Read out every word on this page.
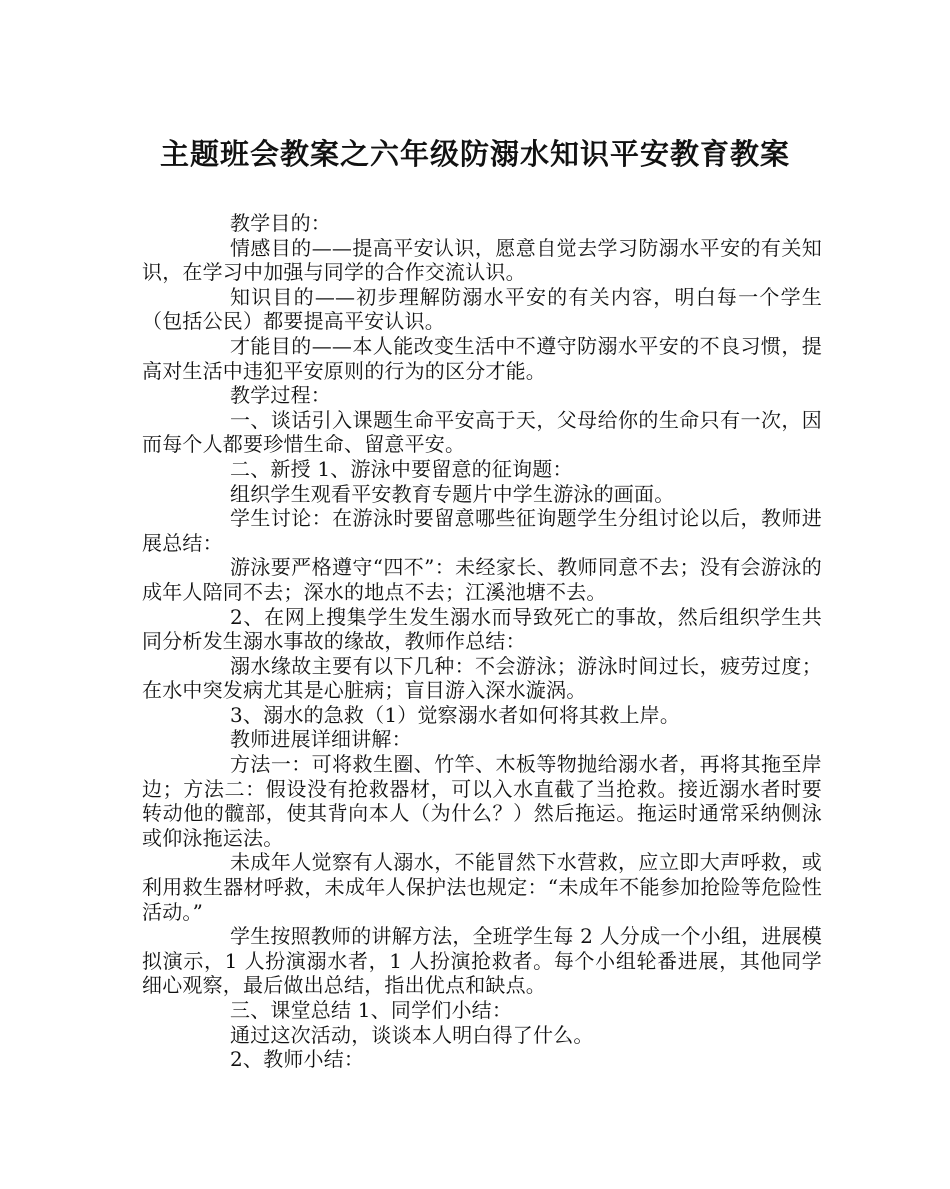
主题班会教案之六年级防溺水知识平安教育教案

教学目的：

情感目的——提高平安认识，愿意自觉去学习防溺水平安的有关知识，在学习中加强与同学的合作交流认识。

知识目的——初步理解防溺水平安的有关内容，明白每一个学生（包括公民）都要提高平安认识。

才能目的——本人能改变生活中不遵守防溺水平安的不良习惯，提高对生活中违犯平安原则的行为的区分才能。

教学过程：

一、谈话引入课题生命平安高于天，父母给你的生命只有一次，因而每个人都要珍惜生命、留意平安。

二、新授 1、游泳中要留意的征询题：

组织学生观看平安教育专题片中学生游泳的画面。

学生讨论：在游泳时要留意哪些征询题学生分组讨论以后，教师进展总结：

游泳要严格遵守“四不”：未经家长、教师同意不去；没有会游泳的成年人陪同不去；深水的地点不去；江溪池塘不去。

2、在网上搜集学生发生溺水而导致死亡的事故，然后组织学生共同分析发生溺水事故的缘故，教师作总结：

溺水缘故主要有以下几种：不会游泳；游泳时间过长，疲劳过度；在水中突发病尤其是心脏病；盲目游入深水漩涡。

3、溺水的急救（1）觉察溺水者如何将其救上岸。

教师进展详细讲解：

方法一：可将救生圈、竹竿、木板等物抛给溺水者，再将其拖至岸边；方法二：假设没有抢救器材，可以入水直截了当抢救。接近溺水者时要转动他的髋部，使其背向本人（为什么？）然后拖运。拖运时通常采纳侧泳或仰泳拖运法。

未成年人觉察有人溺水，不能冒然下水营救，应立即大声呼救，或利用救生器材呼救，未成年人保护法也规定：“未成年不能参加抢险等危险性活动。”

学生按照教师的讲解方法，全班学生每 2 人分成一个小组，进展模拟演示，1 人扮演溺水者，1 人扮演抢救者。每个小组轮番进展，其他同学细心观察，最后做出总结，指出优点和缺点。

三、课堂总结 1、同学们小结：

通过这次活动，谈谈本人明白得了什么。

2、教师小结：
